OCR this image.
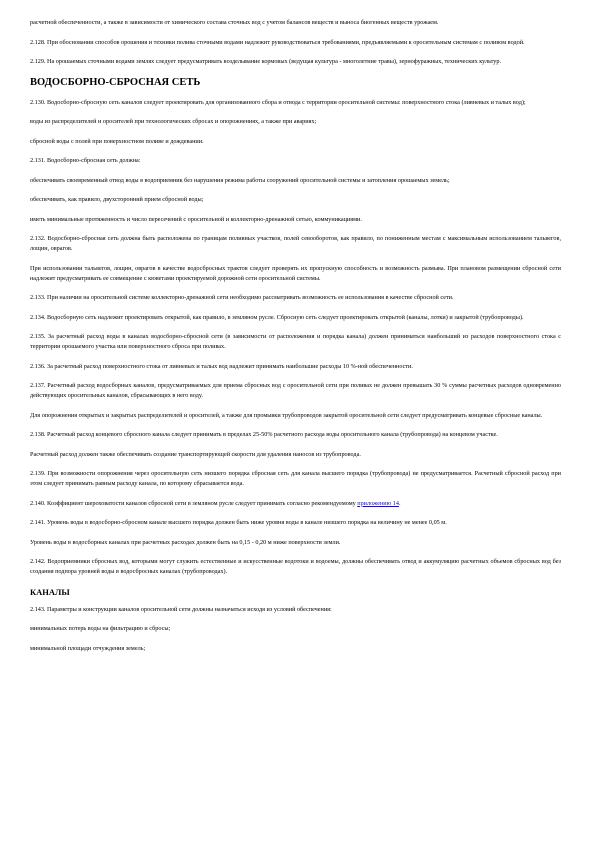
расчетной обеспеченности, а также в зависимости от химического состава сточных вод с учетом балансов веществ и выноса биогенных веществ урожаем.

2.128. При обосновании способов орошения и техники полива сточными водами надлежит руководствоваться требованиями, предъявляемыми к оросительным системам с поливом водой.

2.129. На орошаемых сточными водами землях следует предусматривать возделывание кормовых (ведущая культура - многолетние травы), зернофуражных, технических культур.

ВОДОСБОРНО-СБРОСНАЯ СЕТЬ

2.130. Водосборно-сбросную сеть каналов следует проектировать для организованного сбора и отвода с территории оросительной системы: поверхностного стока (ливневых и талых вод);

воды из распределителей и оросителей при технологических сбросах и опорожнениях, а также при авариях;

сбросной воды с полей при поверхностном поливе и дождевании.

2.131. Водосборно-сбросная сеть должна:

обеспечивать своевременный отвод воды в водоприемник без нарушения режима работы сооружений оросительной системы и затопления орошаемых земель;

обеспечивать, как правило, двухсторонний прием сбросной воды;

иметь минимальные протяженность и число пересечений с оросительной и коллекторно-дренажной сетью, коммуникациями.

2.132. Водосборно-сбросная сеть должна быть расположена по границам поливных участков, полей севооборотов, как правило, по пониженным местам с максимальным использованием тальвегов, лощин, оврагов.

При использовании тальвегов, лощин, оврагов в качестве водосбросных трактов следует проверять их пропускную способность и возможность размыва. При плановом размещении сбросной сети надлежит предусматривать ее совмещение с кюветами проектируемой дорожной сети оросительной системы.

2.133. При наличии на оросительной системе коллекторно-дренажной сети необходимо рассматривать возможность ее использования в качестве сбросной сети.

2.134. Водосборную сеть надлежит проектировать открытой, как правило, в земляном русле. Сбросную сеть следует проектировать открытой (каналы, лотки) и закрытой (трубопроводы).

2.135. За расчетный расход воды в каналах водосборно-сбросной сети (в зависимости от расположения и порядка канала) должен приниматься наибольший из расходов поверхностного стока с территории орошаемого участка или поверхностного сброса при поливах.

2.136. За расчетный расход поверхностного стока от ливневых и талых вод надлежит принимать наибольшие расходы 10 %-ной обеспеченности.

2.137. Расчетный расход водосборных каналов, предусматриваемых для приема сбросных вод с оросительной сети при поливах не должен превышать 30 % суммы расчетных расходов одновременно действующих оросительных каналов, сбрасывающих в него воду.

Для опорожнения открытых и закрытых распределителей и оросителей, а также для промывки трубопроводов закрытой оросительной сети следует предусматривать концевые сбросные каналы.

2.138. Расчетный расход концевого сбросного канала следует принимать в пределах 25-50% расчетного расхода воды оросительного канала (трубопровода) на концевом участке.

Расчетный расход должен также обеспечивать создание транспортирующей скорости для удаления наносов из трубопровода.

2.139. При возможности опорожнения через оросительную сеть низшего порядка сбросная сеть для канала высшего порядка (трубопровода) не предусматривается. Расчетный сбросной расход при этом следует принимать равным расходу канала, по которому сбрасывается вода.

2.140. Коэффициент шероховатости каналов сбросной сети в земляном русле следует принимать согласно рекомендуемому приложению 14.

2.141. Уровень воды в водосборно-сбросном канале высшего порядка должен быть ниже уровня воды в канале низшего порядка на величину не менее 0,05 м.

Уровень воды в водосборных каналах при расчетных расходах должен быть на 0,15 - 0,20 м ниже поверхности земли.

2.142. Водоприемники сбросных вод, которыми могут служить естественные и искусственные водотоки и водоемы, должны обеспечивать отвод и аккумуляцию расчетных объемов сбросных вод без создания подпора уровней воды в водосбросных каналах (трубопроводах).

КАНАЛЫ

2.143. Параметры и конструкции каналов оросительной сети должны назначаться исходя из условий обеспечения:

минимальных потерь воды на фильтрацию и сбросы;

минимальной площади отчуждения земель;
